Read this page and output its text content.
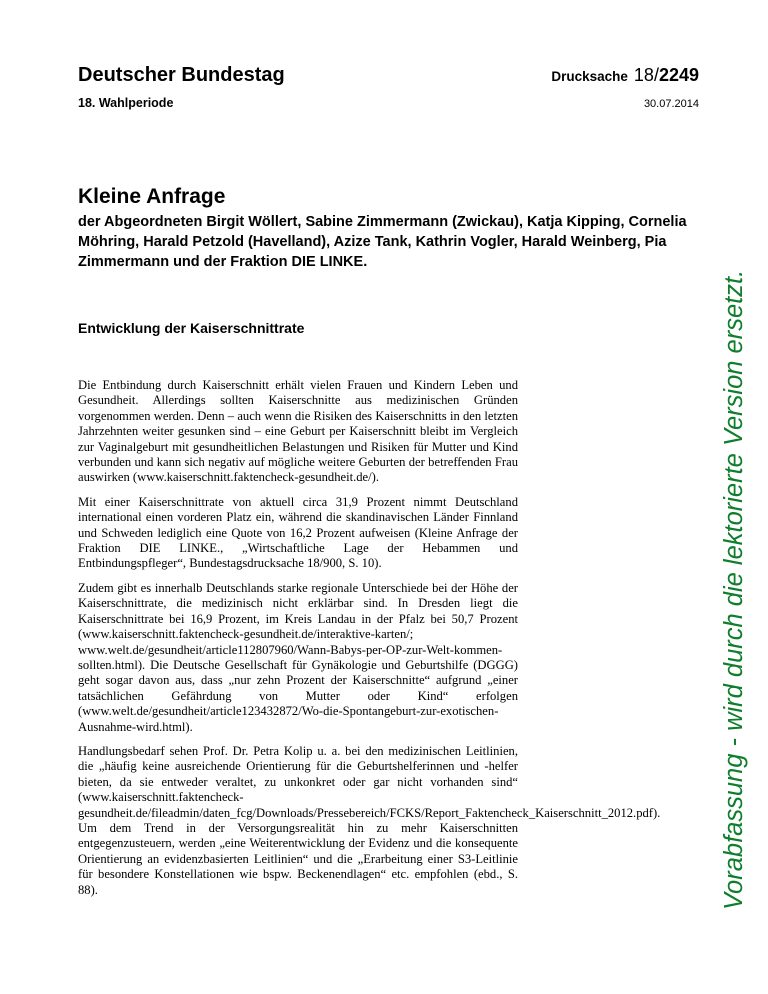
Deutscher Bundestag	Drucksache 18/2249
18. Wahlperiode	30.07.2014
Kleine Anfrage
der Abgeordneten Birgit Wöllert, Sabine Zimmermann (Zwickau), Katja Kipping, Cornelia Möhring, Harald Petzold (Havelland), Azize Tank, Kathrin Vogler, Harald Weinberg, Pia Zimmermann und der Fraktion DIE LINKE.
Entwicklung der Kaiserschnittrate

Die Entbindung durch Kaiserschnitt erhält vielen Frauen und Kindern Leben und Gesundheit. Allerdings sollten Kaiserschnitte aus medizinischen Gründen vorgenommen werden. Denn – auch wenn die Risiken des Kaiserschnitts in den letzten Jahrzehnten weiter gesunken sind – eine Geburt per Kaiserschnitt bleibt im Vergleich zur Vaginalgeburt mit gesundheitlichen Belastungen und Risiken für Mutter und Kind verbunden und kann sich negativ auf mögliche weitere Geburten der betreffenden Frau auswirken (www.kaiserschnitt.faktencheck-gesundheit.de/).

Mit einer Kaiserschnittrate von aktuell circa 31,9 Prozent nimmt Deutschland international einen vorderen Platz ein, während die skandinavischen Länder Finnland und Schweden lediglich eine Quote von 16,2 Prozent aufweisen (Kleine Anfrage der Fraktion DIE LINKE., „Wirtschaftliche Lage der Hebammen und Entbindungspfleger“, Bundestagsdrucksache 18/900, S. 10).

Zudem gibt es innerhalb Deutschlands starke regionale Unterschiede bei der Höhe der Kaiserschnittrate, die medizinisch nicht erklärbar sind. In Dresden liegt die Kaiserschnittrate bei 16,9 Prozent, im Kreis Landau in der Pfalz bei 50,7 Prozent (www.kaiserschnitt.faktencheck-gesundheit.de/interaktive-karten/; www.welt.de/gesundheit/article112807960/Wann-Babys-per-OP-zur-Welt-kommen-sollten.html). Die Deutsche Gesellschaft für Gynäkologie und Geburtshilfe (DGGG) geht sogar davon aus, dass „nur zehn Prozent der Kaiserschnitte“ aufgrund „einer tatsächlichen Gefährdung von Mutter oder Kind“ erfolgen (www.welt.de/gesundheit/article123432872/Wo-die-Spontangeburt-zur-exotischen-Ausnahme-wird.html).

Handlungsbedarf sehen Prof. Dr. Petra Kolip u. a. bei den medizinischen Leitlinien, die „häufig keine ausreichende Orientierung für die Geburtshelferinnen und -helfer bieten, da sie entweder veraltet, zu unkonkret oder gar nicht vorhanden sind“ (www.kaiserschnitt.faktencheck-gesundheit.de/fileadmin/daten_fcg/Downloads/Pressebereich/FCKS/Report_Faktencheck_Kaiserschnitt_2012.pdf). Um dem Trend in der Versorgungsrealität hin zu mehr Kaiserschnitten entgegenzusteuern, werden „eine Weiterentwicklung der Evidenz und die konsequente Orientierung an evidenzbasierten Leitlinien“ und die „Erarbeitung einer S3-Leitlinie für besondere Konstellationen wie bspw. Beckenendlagen“ etc. empfohlen (ebd., S. 88).	Vorabfassung - wird durch die lektorierte Version ersetzt.
